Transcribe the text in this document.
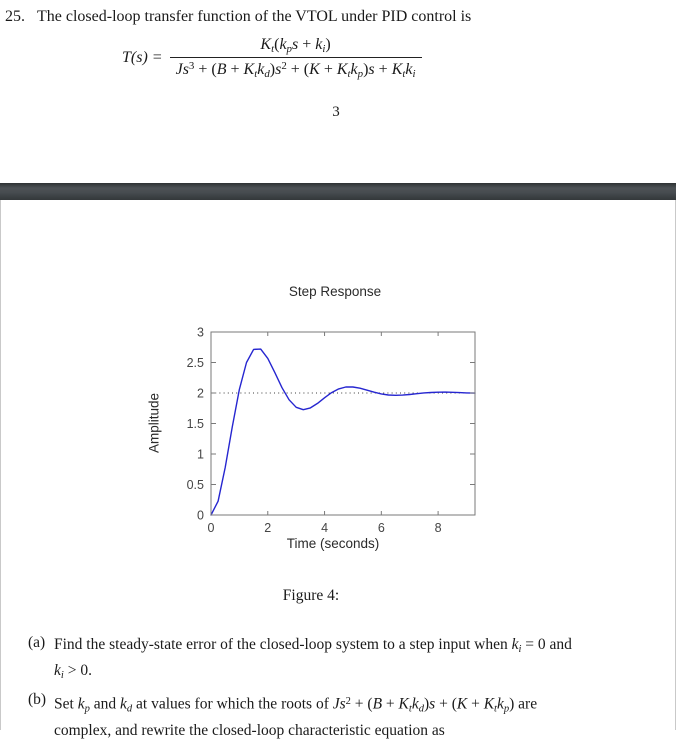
25. The closed-loop transfer function of the VTOL under PID control is
$T(s) = \frac{K_t(k_ps + k_i)}{Js^3 + (B + K_tk_d)s^2 + (K + K_tk_p)s + K_tk_i}$
3
0	2	4	6	8
0
0.5
1
1.5
2
2.5
3
Step Response
Amplitude
Time (seconds)
Figure 4:
(a) Find the steady-state error of the closed-loop system to a step input when $k_i = 0$ and
$k_i > 0$.
(b) Set $k_p$ and $k_d$ at values for which the roots of $Js^2 + (B + K_tk_d)s + (K + K_tk_p)$ are
complex, and rewrite the closed-loop characteristic equation as
